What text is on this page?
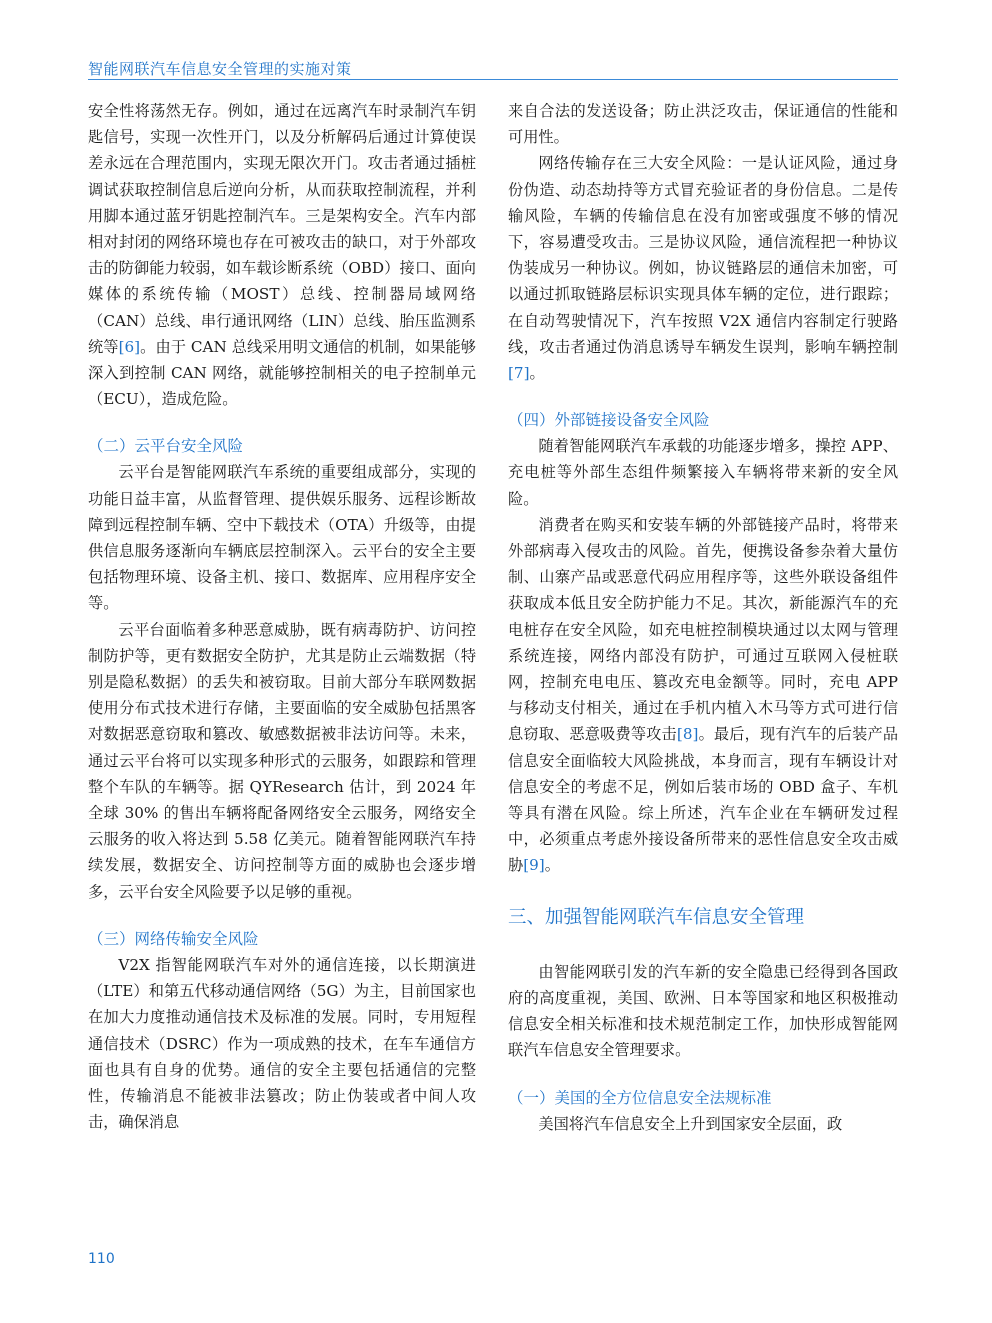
智能网联汽车信息安全管理的实施对策

安全性将荡然无存。例如，通过在远离汽车时录制汽车钥匙信号，实现一次性开门，以及分析解码后通过计算使误差永远在合理范围内，实现无限次开门。攻击者通过插桩调试获取控制信息后逆向分析，从而获取控制流程，并利用脚本通过蓝牙钥匙控制汽车。三是架构安全。汽车内部相对封闭的网络环境也存在可被攻击的缺口，对于外部攻击的防御能力较弱，如车载诊断系统（OBD）接口、面向媒体的系统传输（MOST）总线、控制器局域网络（CAN）总线、串行通讯网络（LIN）总线、胎压监测系统等[6]。由于 CAN 总线采用明文通信的机制，如果能够深入到控制 CAN 网络，就能够控制相关的电子控制单元（ECU），造成危险。

（二）云平台安全风险

云平台是智能网联汽车系统的重要组成部分，实现的功能日益丰富，从监督管理、提供娱乐服务、远程诊断故障到远程控制车辆、空中下载技术（OTA）升级等，由提供信息服务逐渐向车辆底层控制深入。云平台的安全主要包括物理环境、设备主机、接口、数据库、应用程序安全等。

云平台面临着多种恶意威胁，既有病毒防护、访问控制防护等，更有数据安全防护，尤其是防止云端数据（特别是隐私数据）的丢失和被窃取。目前大部分车联网数据使用分布式技术进行存储，主要面临的安全威胁包括黑客对数据恶意窃取和篡改、敏感数据被非法访问等。未来，通过云平台将可以实现多种形式的云服务，如跟踪和管理整个车队的车辆等。据 QYResearch 估计，到 2024 年全球 30% 的售出车辆将配备网络安全云服务，网络安全云服务的收入将达到 5.58 亿美元。随着智能网联汽车持续发展，数据安全、访问控制等方面的威胁也会逐步增多，云平台安全风险要予以足够的重视。

（三）网络传输安全风险

V2X 指智能网联汽车对外的通信连接，以长期演进（LTE）和第五代移动通信网络（5G）为主，目前国家也在加大力度推动通信技术及标准的发展。同时，专用短程通信技术（DSRC）作为一项成熟的技术，在车车通信方面也具有自身的优势。通信的安全主要包括通信的完整性，传输消息不能被非法篡改；防止伪装或者中间人攻击，确保消息

来自合法的发送设备；防止洪泛攻击，保证通信的性能和可用性。

网络传输存在三大安全风险：一是认证风险，通过身份伪造、动态劫持等方式冒充验证者的身份信息。二是传输风险，车辆的传输信息在没有加密或强度不够的情况下，容易遭受攻击。三是协议风险，通信流程把一种协议伪装成另一种协议。例如，协议链路层的通信未加密，可以通过抓取链路层标识实现具体车辆的定位，进行跟踪；在自动驾驶情况下，汽车按照 V2X 通信内容制定行驶路线，攻击者通过伪消息诱导车辆发生误判，影响车辆控制[7]。

（四）外部链接设备安全风险

随着智能网联汽车承载的功能逐步增多，操控 APP、充电桩等外部生态组件频繁接入车辆将带来新的安全风险。

消费者在购买和安装车辆的外部链接产品时，将带来外部病毒入侵攻击的风险。首先，便携设备参杂着大量仿制、山寨产品或恶意代码应用程序等，这些外联设备组件获取成本低且安全防护能力不足。其次，新能源汽车的充电桩存在安全风险，如充电桩控制模块通过以太网与管理系统连接，网络内部没有防护，可通过互联网入侵桩联网，控制充电电压、篡改充电金额等。同时，充电 APP 与移动支付相关，通过在手机内植入木马等方式可进行信息窃取、恶意吸费等攻击[8]。最后，现有汽车的后装产品信息安全面临较大风险挑战，本身而言，现有车辆设计对信息安全的考虑不足，例如后装市场的 OBD 盒子、车机等具有潜在风险。综上所述，汽车企业在车辆研发过程中，必须重点考虑外接设备所带来的恶性信息安全攻击威胁[9]。

三、加强智能网联汽车信息安全管理

由智能网联引发的汽车新的安全隐患已经得到各国政府的高度重视，美国、欧洲、日本等国家和地区积极推动信息安全相关标准和技术规范制定工作，加快形成智能网联汽车信息安全管理要求。

（一）美国的全方位信息安全法规标准

美国将汽车信息安全上升到国家安全层面，政

110
